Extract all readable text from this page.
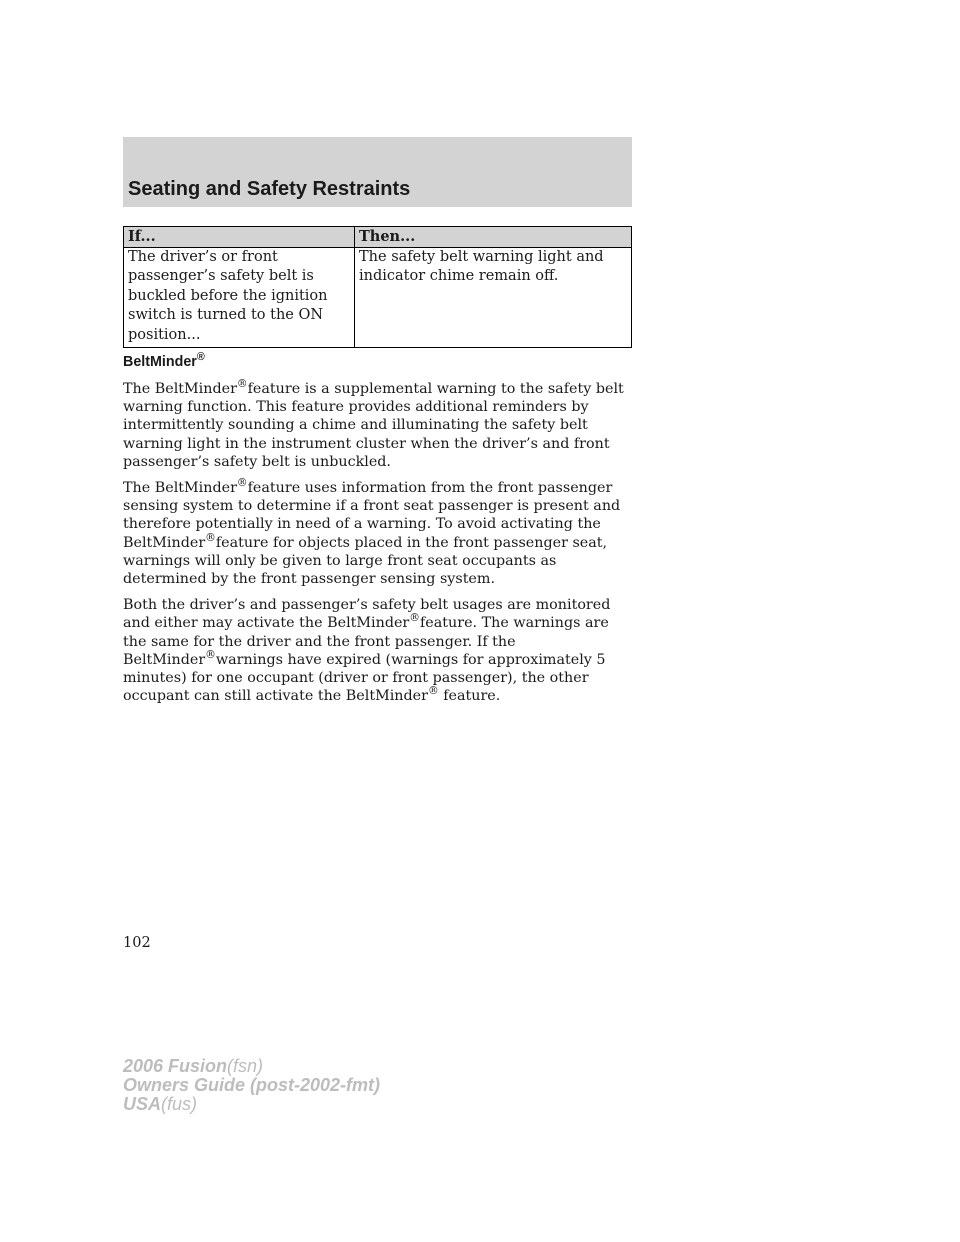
Seating and Safety Restraints
If...	Then...
The driver’s or front passenger’s safety belt is buckled before the ignition switch is turned to the ON position...	The safety belt warning light and indicator chime remain off.
BeltMinder®

The BeltMinder®feature is a supplemental warning to the safety belt warning function. This feature provides additional reminders by intermittently sounding a chime and illuminating the safety belt warning light in the instrument cluster when the driver’s and front passenger’s safety belt is unbuckled.

The BeltMinder®feature uses information from the front passenger sensing system to determine if a front seat passenger is present and therefore potentially in need of a warning. To avoid activating the BeltMinder®feature for objects placed in the front passenger seat, warnings will only be given to large front seat occupants as determined by the front passenger sensing system.

Both the driver’s and passenger’s safety belt usages are monitored and either may activate the BeltMinder®feature. The warnings are the same for the driver and the front passenger. If the BeltMinder®warnings have expired (warnings for approximately 5 minutes) for one occupant (driver or front passenger), the other occupant can still activate the BeltMinder® feature.

102
2006 Fusion(fsn)
Owners Guide (post-2002-fmt)
USA(fus)
